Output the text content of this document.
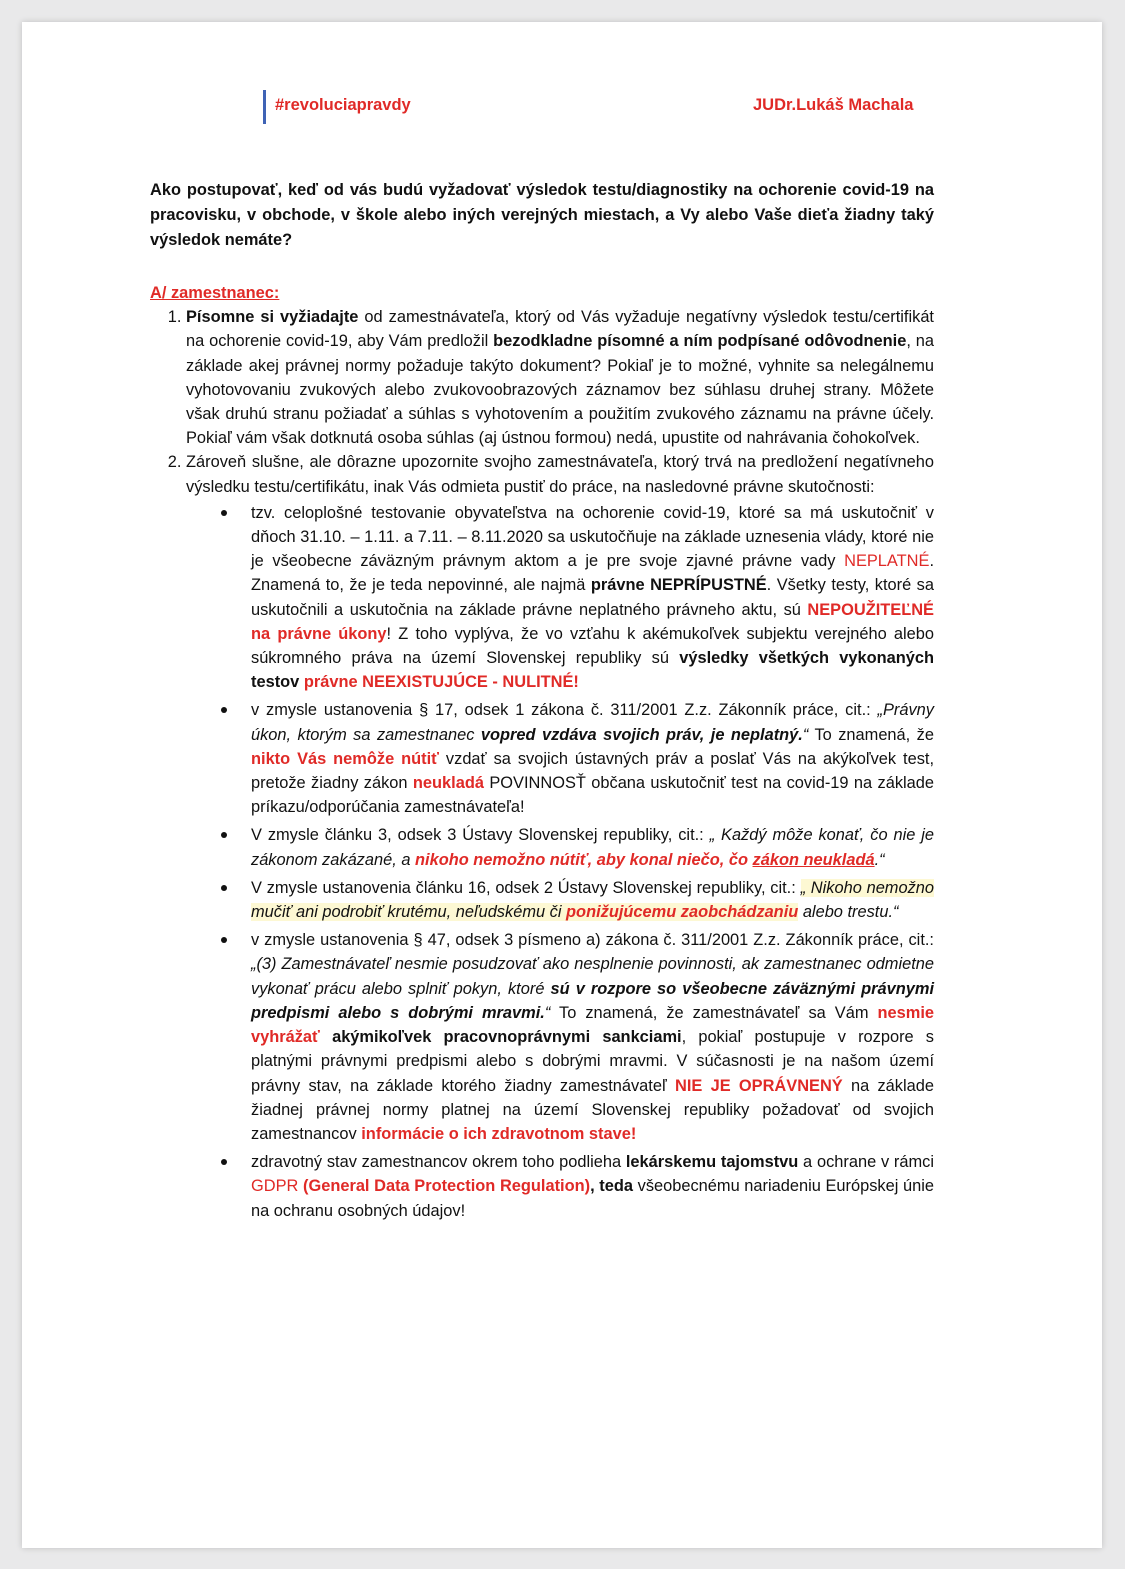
#revoluciapravdy	JUDr.Lukáš Machala

Ako postupovať, keď od vás budú vyžadovať výsledok testu/diagnostiky na ochorenie covid-19 na pracovisku, v obchode, v škole alebo iných verejných miestach, a Vy alebo Vaše dieťa žiadny taký výsledok nemáte?

A/ zamestnanec:

1. Písomne si vyžiadajte od zamestnávateľa, ktorý od Vás vyžaduje negatívny výsledok testu/certifikát na ochorenie covid-19, aby Vám predložil bezodkladne písomné a ním podpísané odôvodnenie, na základe akej právnej normy požaduje takýto dokument? Pokiaľ je to možné, vyhnite sa nelegálnemu vyhotovovaniu zvukových alebo zvukovoobrazových záznamov bez súhlasu druhej strany. Môžete však druhú stranu požiadať a súhlas s vyhotovením a použitím zvukového záznamu na právne účely. Pokiaľ vám však dotknutá osoba súhlas (aj ústnou formou) nedá, upustite od nahrávania čohokoľvek.
2. Zároveň slušne, ale dôrazne upozornite svojho zamestnávateľa, ktorý trvá na predložení negatívneho výsledku testu/certifikátu, inak Vás odmieta pustiť do práce, na nasledovné právne skutočnosti:
tzv. celoplošné testovanie obyvateľstva na ochorenie covid-19, ktoré sa má uskutočniť v dňoch 31.10. – 1.11. a 7.11. – 8.11.2020 sa uskutočňuje na základe uznesenia vlády, ktoré nie je všeobecne záväzným právnym aktom a je pre svoje zjavné právne vady NEPLATNÉ. Znamená to, že je teda nepovinné, ale najmä právne NEPRÍPUSTNÉ. Všetky testy, ktoré sa uskutočnili a uskutočnia na základe právne neplatného právneho aktu, sú NEPOUŽITEĽNÉ na právne úkony! Z toho vyplýva, že vo vzťahu k akémukoľvek subjektu verejného alebo súkromného práva na území Slovenskej republiky sú výsledky všetkých vykonaných testov právne NEEXISTUJÚCE - NULITNÉ!
v zmysle ustanovenia § 17, odsek 1 zákona č. 311/2001 Z.z. Zákonník práce, cit.: „Právny úkon, ktorým sa zamestnanec vopred vzdáva svojich práv, je neplatný.“ To znamená, že nikto Vás nemôže nútiť vzdať sa svojich ústavných práv a poslať Vás na akýkoľvek test, pretože žiadny zákon neukladá POVINNOSŤ občana uskutočniť test na covid-19 na základe príkazu/odporúčania zamestnávateľa!
V zmysle článku 3, odsek 3 Ústavy Slovenskej republiky, cit.: „ Každý môže konať, čo nie je zákonom zakázané, a nikoho nemožno nútiť, aby konal niečo, čo zákon neukladá.“
V zmysle ustanovenia článku 16, odsek 2 Ústavy Slovenskej republiky, cit.: „ Nikoho nemožno mučiť ani podrobiť krutému, neľudskému či ponižujúcemu zaobchádzaniu alebo trestu.“
v zmysle ustanovenia § 47, odsek 3 písmeno a) zákona č. 311/2001 Z.z. Zákonník práce, cit.: „(3) Zamestnávateľ nesmie posudzovať ako nesplnenie povinnosti, ak zamestnanec odmietne vykonať prácu alebo splniť pokyn, ktoré sú v rozpore so všeobecne záväznými právnymi predpismi alebo s dobrými mravmi.“ To znamená, že zamestnávateľ sa Vám nesmie vyhrážať akýmikoľvek pracovnoprávnymi sankciami, pokiaľ postupuje v rozpore s platnými právnymi predpismi alebo s dobrými mravmi. V súčasnosti je na našom území právny stav, na základe ktorého žiadny zamestnávateľ NIE JE OPRÁVNENÝ na základe žiadnej právnej normy platnej na území Slovenskej republiky požadovať od svojich zamestnancov informácie o ich zdravotnom stave!
zdravotný stav zamestnancov okrem toho podlieha lekárskemu tajomstvu a ochrane v rámci GDPR (General Data Protection Regulation), teda všeobecnému nariadeniu Európskej únie na ochranu osobných údajov!
